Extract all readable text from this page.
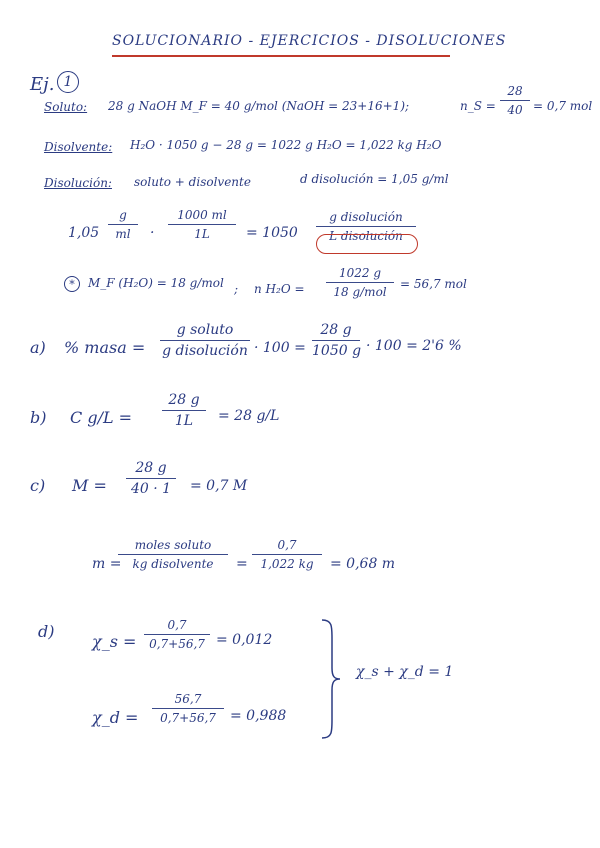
SOLUCIONARIO - EJERCICIOS - DISOLUCIONES
Ej. 1
Soluto: 28 g NaOH M_F = 40 g/mol (NaOH = 23+16+1);	n_S =
28
40 = 0,7 mol
Disolvente: H₂O · 1050 g − 28 g = 1022 g H₂O = 1,022 kg H₂O
Disolución: soluto + disolvente	d disolución = 1,05 g/ml
1,05
g
ml	·
1000 ml
1L	= 1050
g disolución
L disolución
*	M_F (H₂O) = 18 g/mol ; n H₂O =
1022 g
18 g/mol
= 56,7 mol
a) % masa =
g soluto
g disolución · 100 =
28 g
1050 g · 100 = 2'6 %
b) C g/L =
28 g
1L	= 28 g/L
c) M =
28 g
40 · 1	= 0,7 M
m =
moles soluto
kg disolvente	=
0,7
1,022 kg	= 0,68 m
d)
χ_s =
0,7
0,7+56,7 = 0,012
χ_d =
56,7
0,7+56,7	= 0,988
χ_s + χ_d = 1
